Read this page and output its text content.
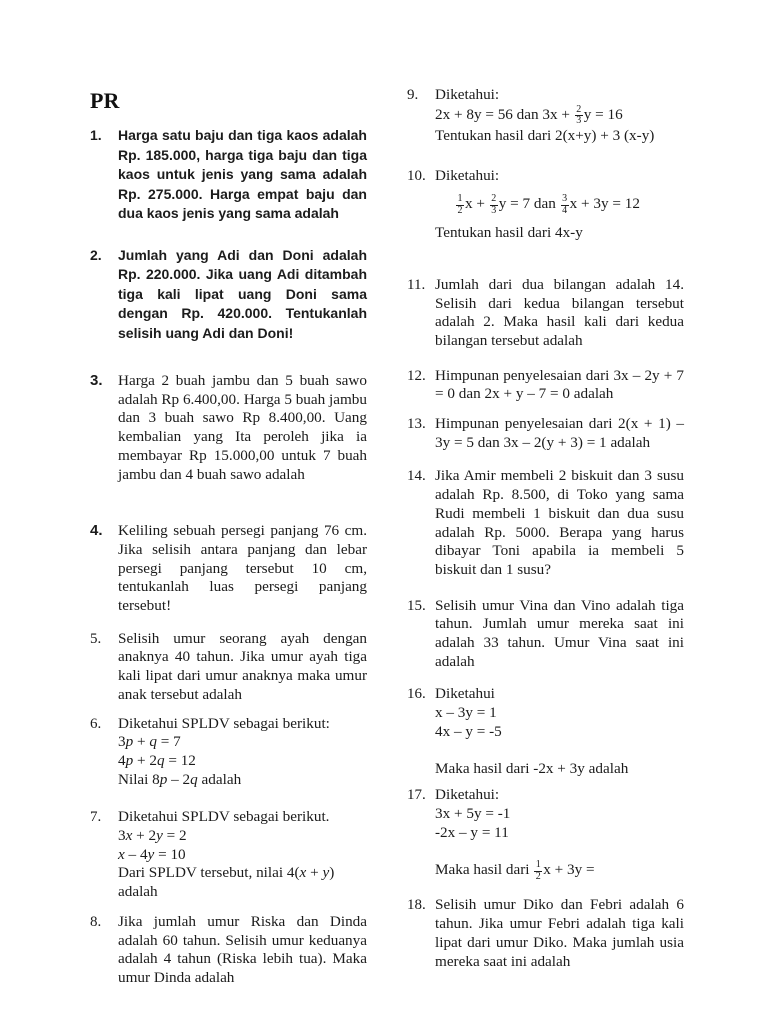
PR
1.	Harga satu baju dan tiga kaos adalah Rp. 185.000, harga tiga baju dan tiga kaos untuk jenis yang sama adalah Rp. 275.000. Harga empat baju dan dua kaos jenis yang sama adalah
2.	Jumlah yang Adi dan Doni adalah Rp. 220.000. Jika uang Adi ditambah tiga kali lipat uang Doni sama dengan Rp. 420.000. Tentukanlah selisih uang Adi dan Doni!
3.	Harga 2 buah jambu dan 5 buah sawo adalah Rp 6.400,00. Harga 5 buah jambu dan 3 buah sawo Rp 8.400,00. Uang kembalian yang Ita peroleh jika ia membayar Rp 15.000,00 untuk 7 buah jambu dan 4 buah sawo adalah
4.	Keliling sebuah persegi panjang 76 cm. Jika selisih antara panjang dan lebar persegi panjang tersebut 10 cm, tentukanlah luas persegi panjang tersebut!
5.	Selisih umur seorang ayah dengan anaknya 40 tahun. Jika umur ayah tiga kali lipat dari umur anaknya maka umur anak tersebut adalah
6.	Diketahui SPLDV sebagai berikut:
3p + q = 7
4p + 2q = 12
Nilai 8p – 2q adalah
7.	Diketahui SPLDV sebagai berikut.
3x + 2y = 2
x – 4y = 10
Dari SPLDV tersebut, nilai 4(x + y) adalah
8.	Jika jumlah umur Riska dan Dinda adalah 60 tahun. Selisih umur keduanya adalah 4 tahun (Riska lebih tua). Maka umur Dinda adalah
9.	Diketahui:
2x + 8y = 56 dan $3x + \frac{2}{3}$ y = 16
Tentukan hasil dari 2(x+y) + 3 (x-y)
10. Diketahui:
$\frac{1}{2}$ $x + \frac{2}{3}$ y = 7 dan $\frac{3}{4}$ x + 3y = 12
Tentukan hasil dari 4x-y
11. Jumlah dari dua bilangan adalah 14. Selisih dari kedua bilangan tersebut adalah 2. Maka hasil kali dari kedua bilangan tersebut adalah
12. Himpunan penyelesaian dari 3x – 2y + 7 = 0 dan 2x + y – 7 = 0 adalah
13. Himpunan penyelesaian dari 2(x + 1) – 3y = 5 dan 3x – 2(y + 3) = 1 adalah
14. Jika Amir membeli 2 biskuit dan 3 susu adalah Rp. 8.500, di Toko yang sama Rudi membeli 1 biskuit dan dua susu adalah Rp. 5000. Berapa yang harus dibayar Toni apabila ia membeli 5 biskuit dan 1 susu?
15. Selisih umur Vina dan Vino adalah tiga tahun. Jumlah umur mereka saat ini adalah 33 tahun. Umur Vina saat ini adalah
16. Diketahui
x – 3y = 1
4x – y = -5
Maka hasil dari -2x + 3y adalah
17. Diketahui:
3x + 5y = -1
-2x – y = 11
Maka hasil dari $\frac{1}{2}$ x + 3y =
18. Selisih umur Diko dan Febri adalah 6 tahun. Jika umur Febri adalah tiga kali lipat dari umur Diko. Maka jumlah usia mereka saat ini adalah
